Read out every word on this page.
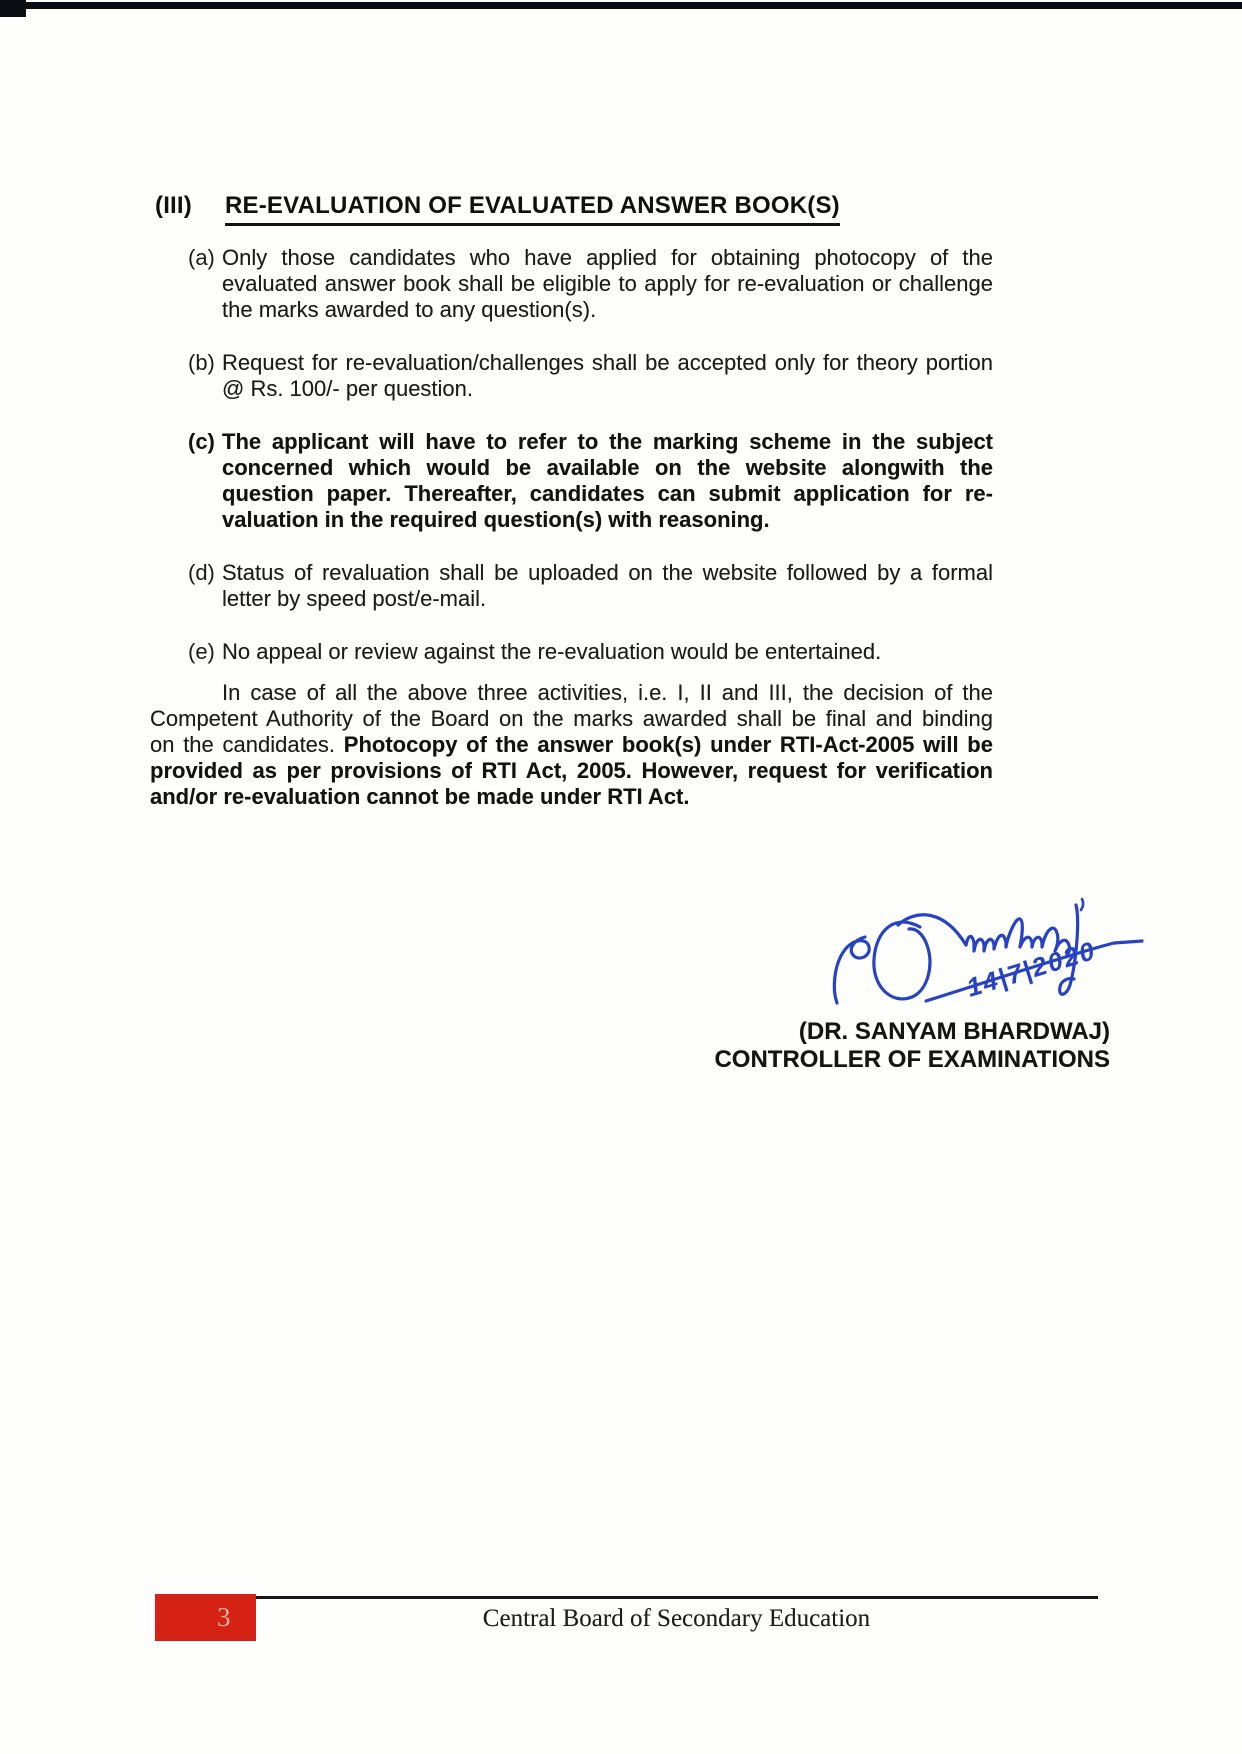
(III) RE-EVALUATION OF EVALUATED ANSWER BOOK(S)
(a) Only those candidates who have applied for obtaining photocopy of the
evaluated answer book shall be eligible to apply for re-evaluation or challenge
the marks awarded to any question(s).
(b) Request for re-evaluation/challenges shall be accepted only for theory portion
@ Rs. 100/- per question.
(c) The applicant will have to refer to the marking scheme in the subject
concerned which would be available on the website alongwith the
question paper. Thereafter, candidates can submit application for re-
valuation in the required question(s) with reasoning.
(d) Status of revaluation shall be uploaded on the website followed by a formal
letter by speed post/e-mail.
(e) No appeal or review against the re-evaluation would be entertained.
In case of all the above three activities, i.e. I, II and III, the decision of the
Competent Authority of the Board on the marks awarded shall be final and binding
on the candidates. Photocopy of the answer book(s) under RTI-Act-2005 will be
provided as per provisions of RTI Act, 2005. However, request for verification
and/or re-evaluation cannot be made under RTI Act.
14|7|2020
(DR. SANYAM BHARDWAJ)
CONTROLLER OF EXAMINATIONS
3	Central Board of Secondary Education
